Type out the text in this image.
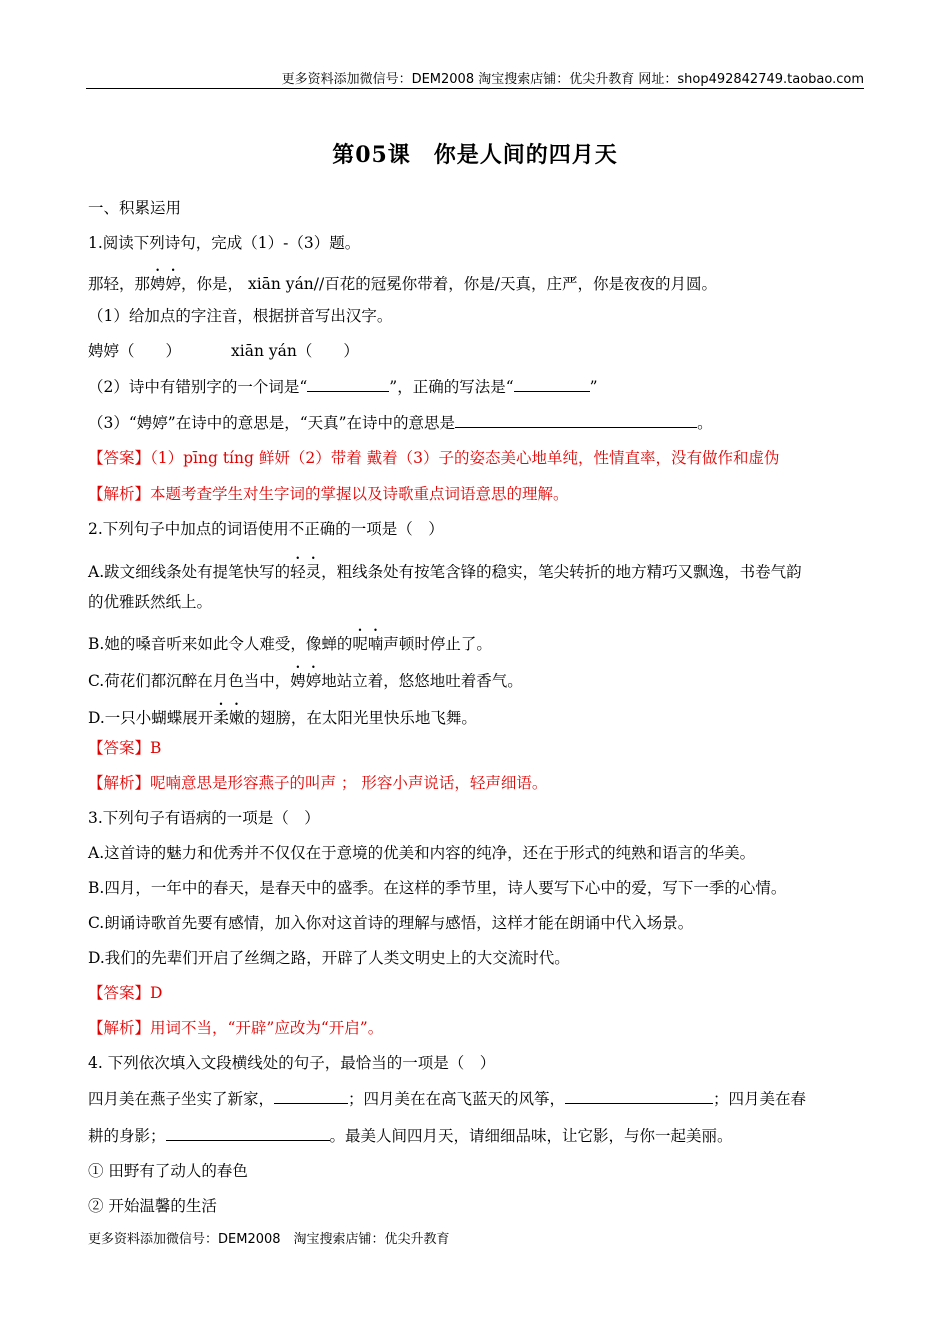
更多资料添加微信号：DEM2008 淘宝搜索店铺：优尖升教育 网址：shop492842749.taobao.com
第05课　你是人间的四月天
一、积累运用
1.阅读下列诗句，完成（1）-（3）题。
那轻，那娉婷，你是， xiān yán//百花的冠冕你带着，你是/天真，庄严，你是夜夜的月圆。
（1）给加点的字注音，根据拼音写出汉字。
娉婷（　　）	xiān yán（　　）
（2）诗中有错别字的一个词是“	”，正确的写法是“	”
（3）“娉婷”在诗中的意思是，“天真”在诗中的意思是	。
【答案】（1）pīng tíng 鲜妍（2）带着 戴着（3）子的姿态美心地单纯，性情直率，没有做作和虚伪
【解析】本题考查学生对生字词的掌握以及诗歌重点词语意思的理解。
2.下列句子中加点的词语使用不正确的一项是（　）
A.跋文细线条处有提笔快写的轻灵，粗线条处有按笔含锋的稳实，笔尖转折的地方精巧又飘逸，书卷气韵
的优雅跃然纸上。
B.她的嗓音听来如此令人难受，像蝉的呢喃声顿时停止了。
C.荷花们都沉醉在月色当中，娉婷地站立着，悠悠地吐着香气。
D.一只小蝴蝶展开柔嫩的翅膀，在太阳光里快乐地飞舞。
【答案】B
【解析】呢喃意思是形容燕子的叫声 ； 形容小声说话，轻声细语。
3.下列句子有语病的一项是（　）
A.这首诗的魅力和优秀并不仅仅在于意境的优美和内容的纯净，还在于形式的纯熟和语言的华美。
B.四月，一年中的春天，是春天中的盛季。在这样的季节里，诗人要写下心中的爱，写下一季的心情。
C.朗诵诗歌首先要有感情，加入你对这首诗的理解与感悟，这样才能在朗诵中代入场景。
D.我们的先辈们开启了丝绸之路，开辟了人类文明史上的大交流时代。
【答案】D
【解析】用词不当，“开辟”应改为“开启”。
4. 下列依次填入文段横线处的句子，最恰当的一项是（　）
四月美在燕子坐实了新家，	；四月美在在高飞蓝天的风筝，	；四月美在春
耕的身影；	。最美人间四月天，请细细品味，让它影，与你一起美丽。
① 田野有了动人的春色
② 开始温馨的生活
更多资料添加微信号：DEM2008　淘宝搜索店铺：优尖升教育
